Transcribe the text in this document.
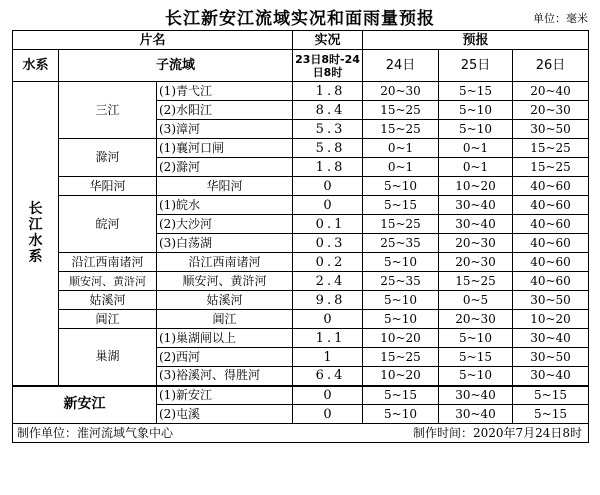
长江新安江流域实况和面雨量预报	单位：毫米
片名			实况	预报		
水系	子流域		23日8时-24日8时	24日	25日	26日

长江水系	三江	(1)青弋江	1.8	20~30	5~15	20~40
		(2)水阳江	8.4	15~25	5~10	20~30
		(3)漳河	5.3	15~25	5~10	30~50
	滁河	(1)襄河口闸	5.8	0~1	0~1	15~25
		(2)滁河	1.8	0~1	0~1	15~25
	华阳河	华阳河	0	5~10	10~20	40~60
	皖河	(1)皖水	0	5~15	30~40	40~60
		(2)大沙河	0.1	15~25	30~40	40~60
		(3)白荡湖	0.3	25~35	20~30	40~60
	沿江西南诸河	沿江西南诸河	0.2	5~10	20~30	40~60
	顺安河、黄浒河	顺安河、黄浒河	2.4	25~35	15~25	40~60
	姑溪河	姑溪河	9.8	5~10	0~5	30~50
	阊江	阊江	0	5~10	20~30	10~20
	巢湖	(1)巢湖闸以上	1.1	10~20	5~10	30~40
		(2)西河	1	15~25	5~15	30~50
		(3)裕溪河、得胜河	6.4	10~20	5~10	30~40
新安江		(1)新安江	0	5~15	30~40	5~15
		(2)屯溪	0	5~10	30~40	5~15
制作单位：淮河流域气象中心			制作时间：2020年7月24日8时			
